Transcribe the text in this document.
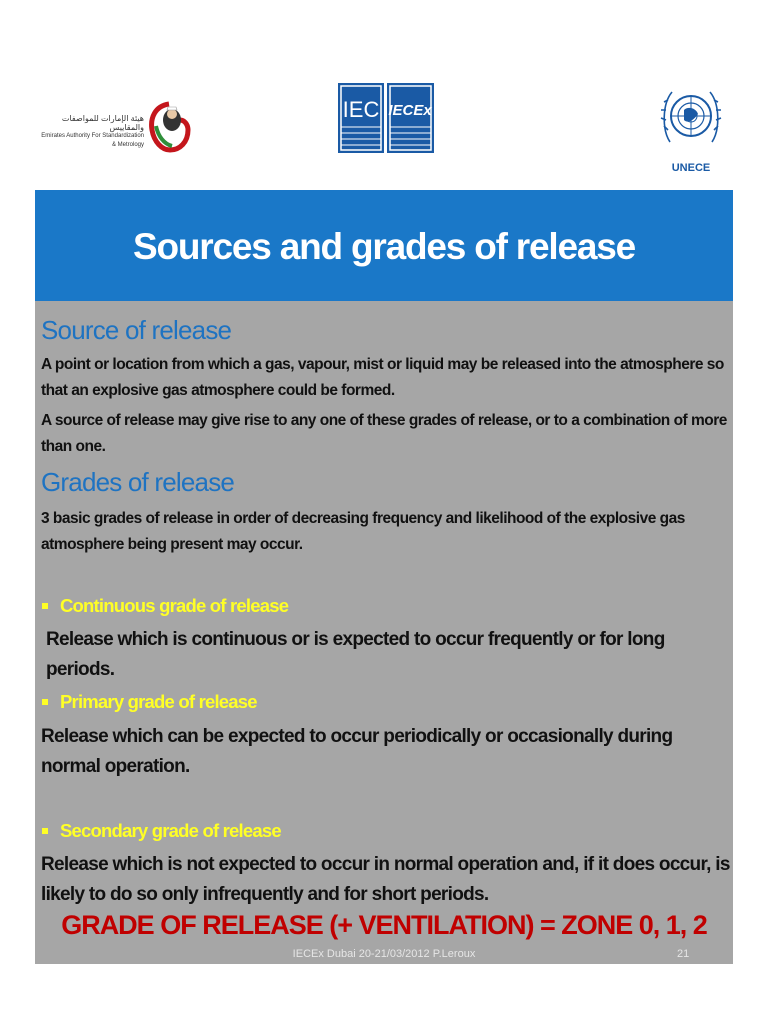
هيئة الإمارات للمواصفات والمقاييس
Emirates Authority For Standardization & Metrology
IEC IECEx
UNECE
Sources and grades of release
Source of release
A point or location from which a gas, vapour, mist or liquid may be released into the atmosphere so that an explosive gas atmosphere could be formed.
A source of release may give rise to any one of these grades of release, or to a combination of more than one.
Grades of release
3 basic grades of release in order of decreasing frequency and likelihood of the explosive gas atmosphere being present may occur.
Continuous grade of release
Release which is continuous or is expected to occur frequently or for long periods.
Primary grade of release
Release which can be expected to occur periodically or occasionally during normal operation.
Secondary grade of release
Release which is not expected to occur in normal operation and, if it does occur, is likely to do so only infrequently and for short periods.
GRADE OF RELEASE (+ VENTILATION) = ZONE 0, 1, 2
IECEx Dubai 20-21/03/2012 P.Leroux	21
